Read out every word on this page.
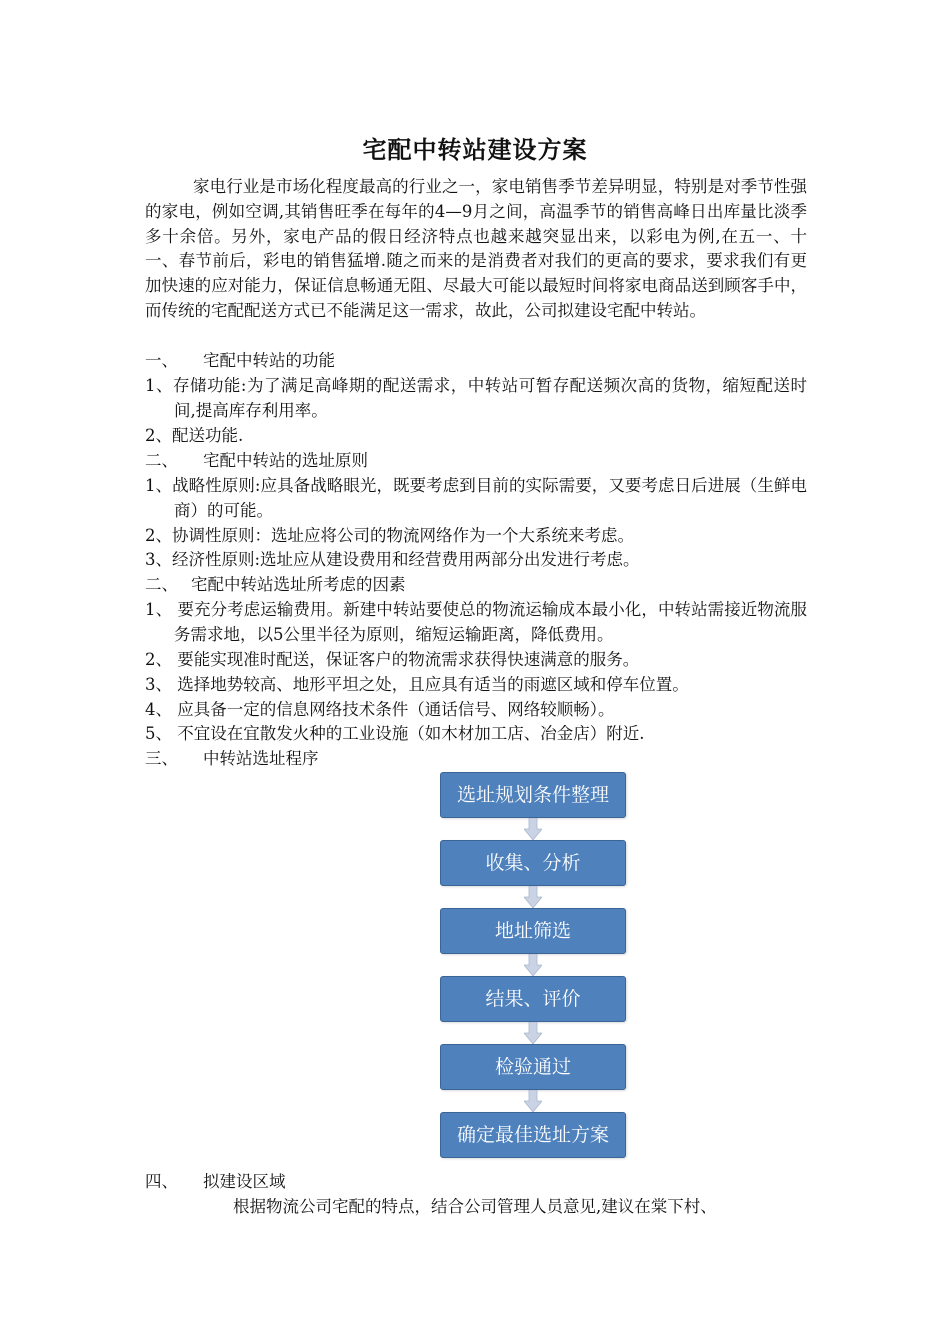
宅配中转站建设方案
家电行业是市场化程度最高的行业之一，家电销售季节差异明显，特别是对季节性强的家电，例如空调,其销售旺季在每年的4—9月之间，高温季节的销售高峰日出库量比淡季多十余倍。另外，家电产品的假日经济特点也越来越突显出来，以彩电为例,在五一、十一、春节前后，彩电的销售猛增.随之而来的是消费者对我们的更高的要求，要求我们有更加快速的应对能力，保证信息畅通无阻、尽最大可能以最短时间将家电商品送到顾客手中，而传统的宅配配送方式已不能满足这一需求，故此，公司拟建设宅配中转站。
一、 宅配中转站的功能
1、存储功能:为了满足高峰期的配送需求，中转站可暂存配送频次高的货物，缩短配送时间,提高库存利用率。
2、配送功能.
二、 宅配中转站的选址原则
1、战略性原则:应具备战略眼光，既要考虑到目前的实际需要，又要考虑日后进展（生鲜电商）的可能。
2、协调性原则：选址应将公司的物流网络作为一个大系统来考虑。
3、经济性原则:选址应从建设费用和经营费用两部分出发进行考虑。
二、 宅配中转站选址所考虑的因素
1、 要充分考虑运输费用。新建中转站要使总的物流运输成本最小化，中转站需接近物流服务需求地，以5公里半径为原则，缩短运输距离，降低费用。
2、 要能实现准时配送，保证客户的物流需求获得快速满意的服务。
3、 选择地势较高、地形平坦之处，且应具有适当的雨遮区域和停车位置。
4、 应具备一定的信息网络技术条件（通话信号、网络较顺畅）。
5、 不宜设在宜散发火种的工业设施（如木材加工店、冶金店）附近.
三、 中转站选址程序
选址规划条件整理
收集、分析
地址筛选
结果、评价
检验通过
确定最佳选址方案
四、 拟建设区域
根据物流公司宅配的特点，结合公司管理人员意见,建议在棠下村、
